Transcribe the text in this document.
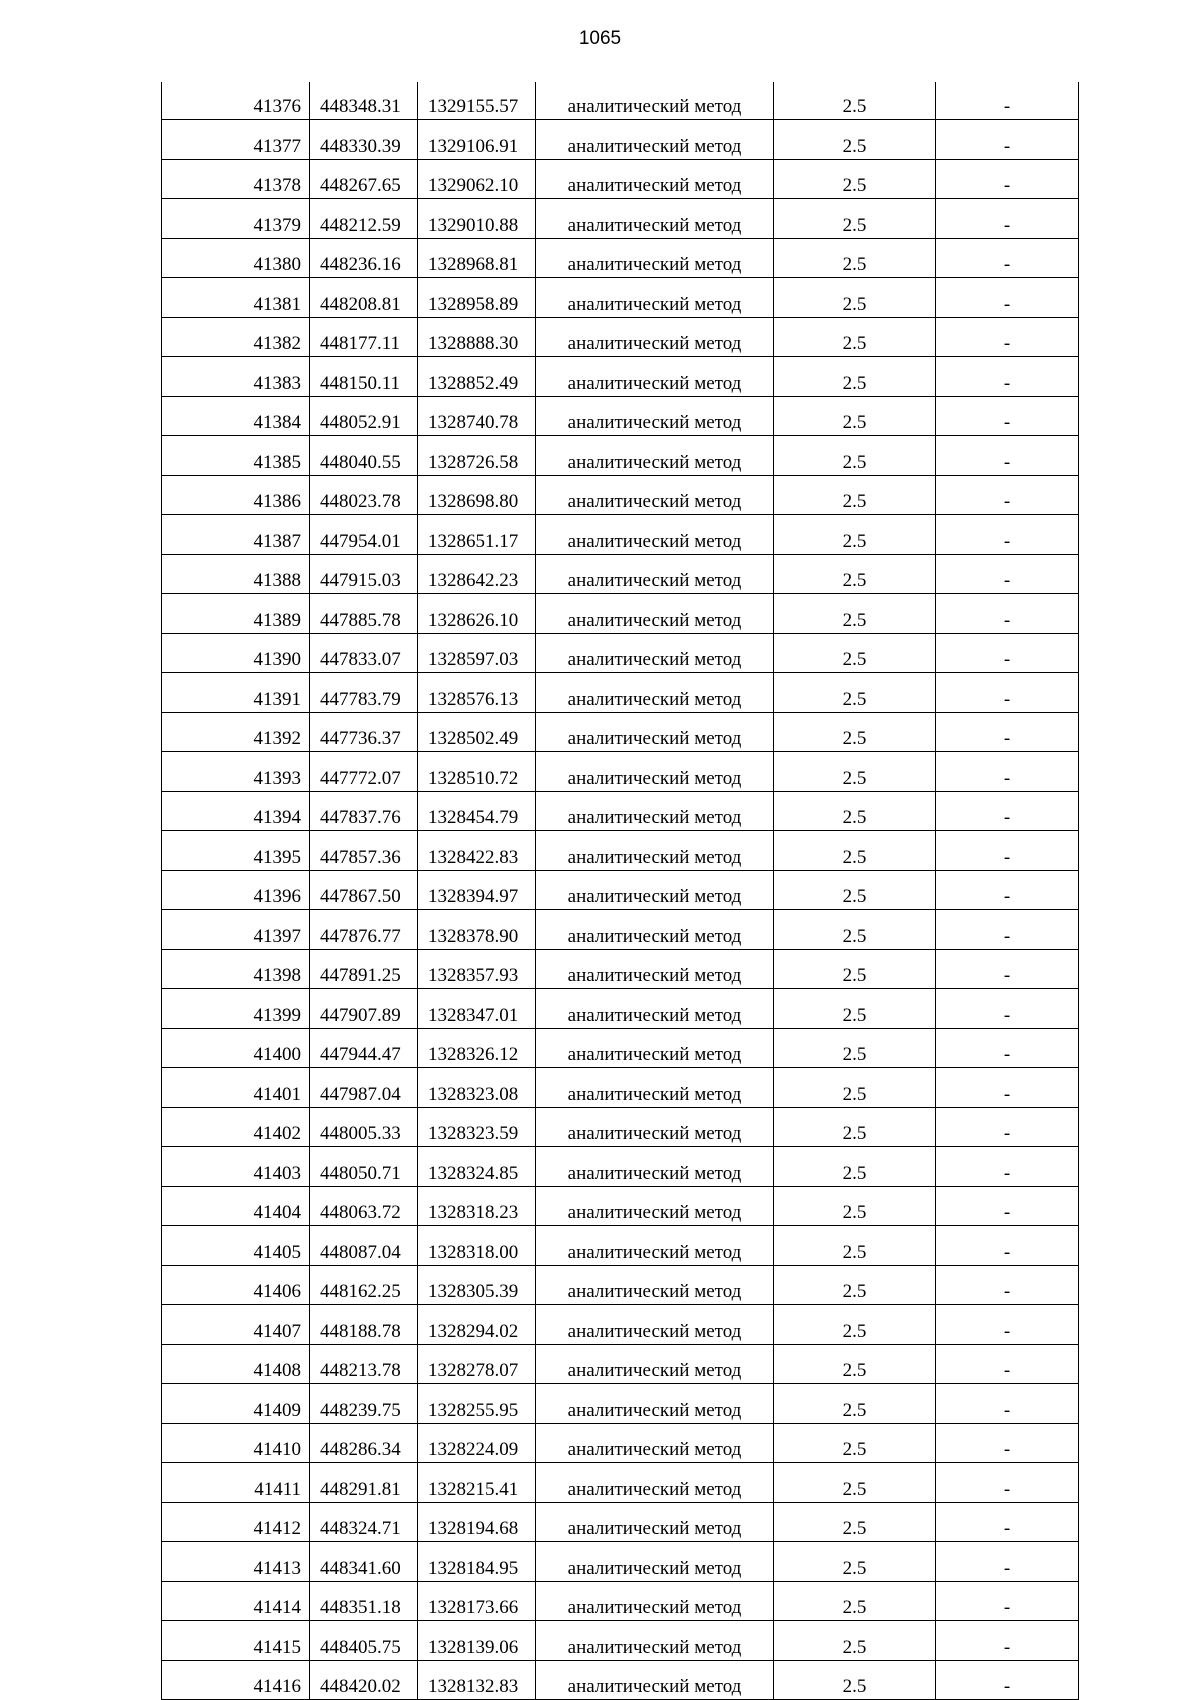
1065
41376	448348.31	1329155.57	аналитический метод	2.5	-
41377	448330.39	1329106.91	аналитический метод	2.5	-
41378	448267.65	1329062.10	аналитический метод	2.5	-
41379	448212.59	1329010.88	аналитический метод	2.5	-
41380	448236.16	1328968.81	аналитический метод	2.5	-
41381	448208.81	1328958.89	аналитический метод	2.5	-
41382	448177.11	1328888.30	аналитический метод	2.5	-
41383	448150.11	1328852.49	аналитический метод	2.5	-
41384	448052.91	1328740.78	аналитический метод	2.5	-
41385	448040.55	1328726.58	аналитический метод	2.5	-
41386	448023.78	1328698.80	аналитический метод	2.5	-
41387	447954.01	1328651.17	аналитический метод	2.5	-
41388	447915.03	1328642.23	аналитический метод	2.5	-
41389	447885.78	1328626.10	аналитический метод	2.5	-
41390	447833.07	1328597.03	аналитический метод	2.5	-
41391	447783.79	1328576.13	аналитический метод	2.5	-
41392	447736.37	1328502.49	аналитический метод	2.5	-
41393	447772.07	1328510.72	аналитический метод	2.5	-
41394	447837.76	1328454.79	аналитический метод	2.5	-
41395	447857.36	1328422.83	аналитический метод	2.5	-
41396	447867.50	1328394.97	аналитический метод	2.5	-
41397	447876.77	1328378.90	аналитический метод	2.5	-
41398	447891.25	1328357.93	аналитический метод	2.5	-
41399	447907.89	1328347.01	аналитический метод	2.5	-
41400	447944.47	1328326.12	аналитический метод	2.5	-
41401	447987.04	1328323.08	аналитический метод	2.5	-
41402	448005.33	1328323.59	аналитический метод	2.5	-
41403	448050.71	1328324.85	аналитический метод	2.5	-
41404	448063.72	1328318.23	аналитический метод	2.5	-
41405	448087.04	1328318.00	аналитический метод	2.5	-
41406	448162.25	1328305.39	аналитический метод	2.5	-
41407	448188.78	1328294.02	аналитический метод	2.5	-
41408	448213.78	1328278.07	аналитический метод	2.5	-
41409	448239.75	1328255.95	аналитический метод	2.5	-
41410	448286.34	1328224.09	аналитический метод	2.5	-
41411	448291.81	1328215.41	аналитический метод	2.5	-
41412	448324.71	1328194.68	аналитический метод	2.5	-
41413	448341.60	1328184.95	аналитический метод	2.5	-
41414	448351.18	1328173.66	аналитический метод	2.5	-
41415	448405.75	1328139.06	аналитический метод	2.5	-
41416	448420.02	1328132.83	аналитический метод	2.5	-
